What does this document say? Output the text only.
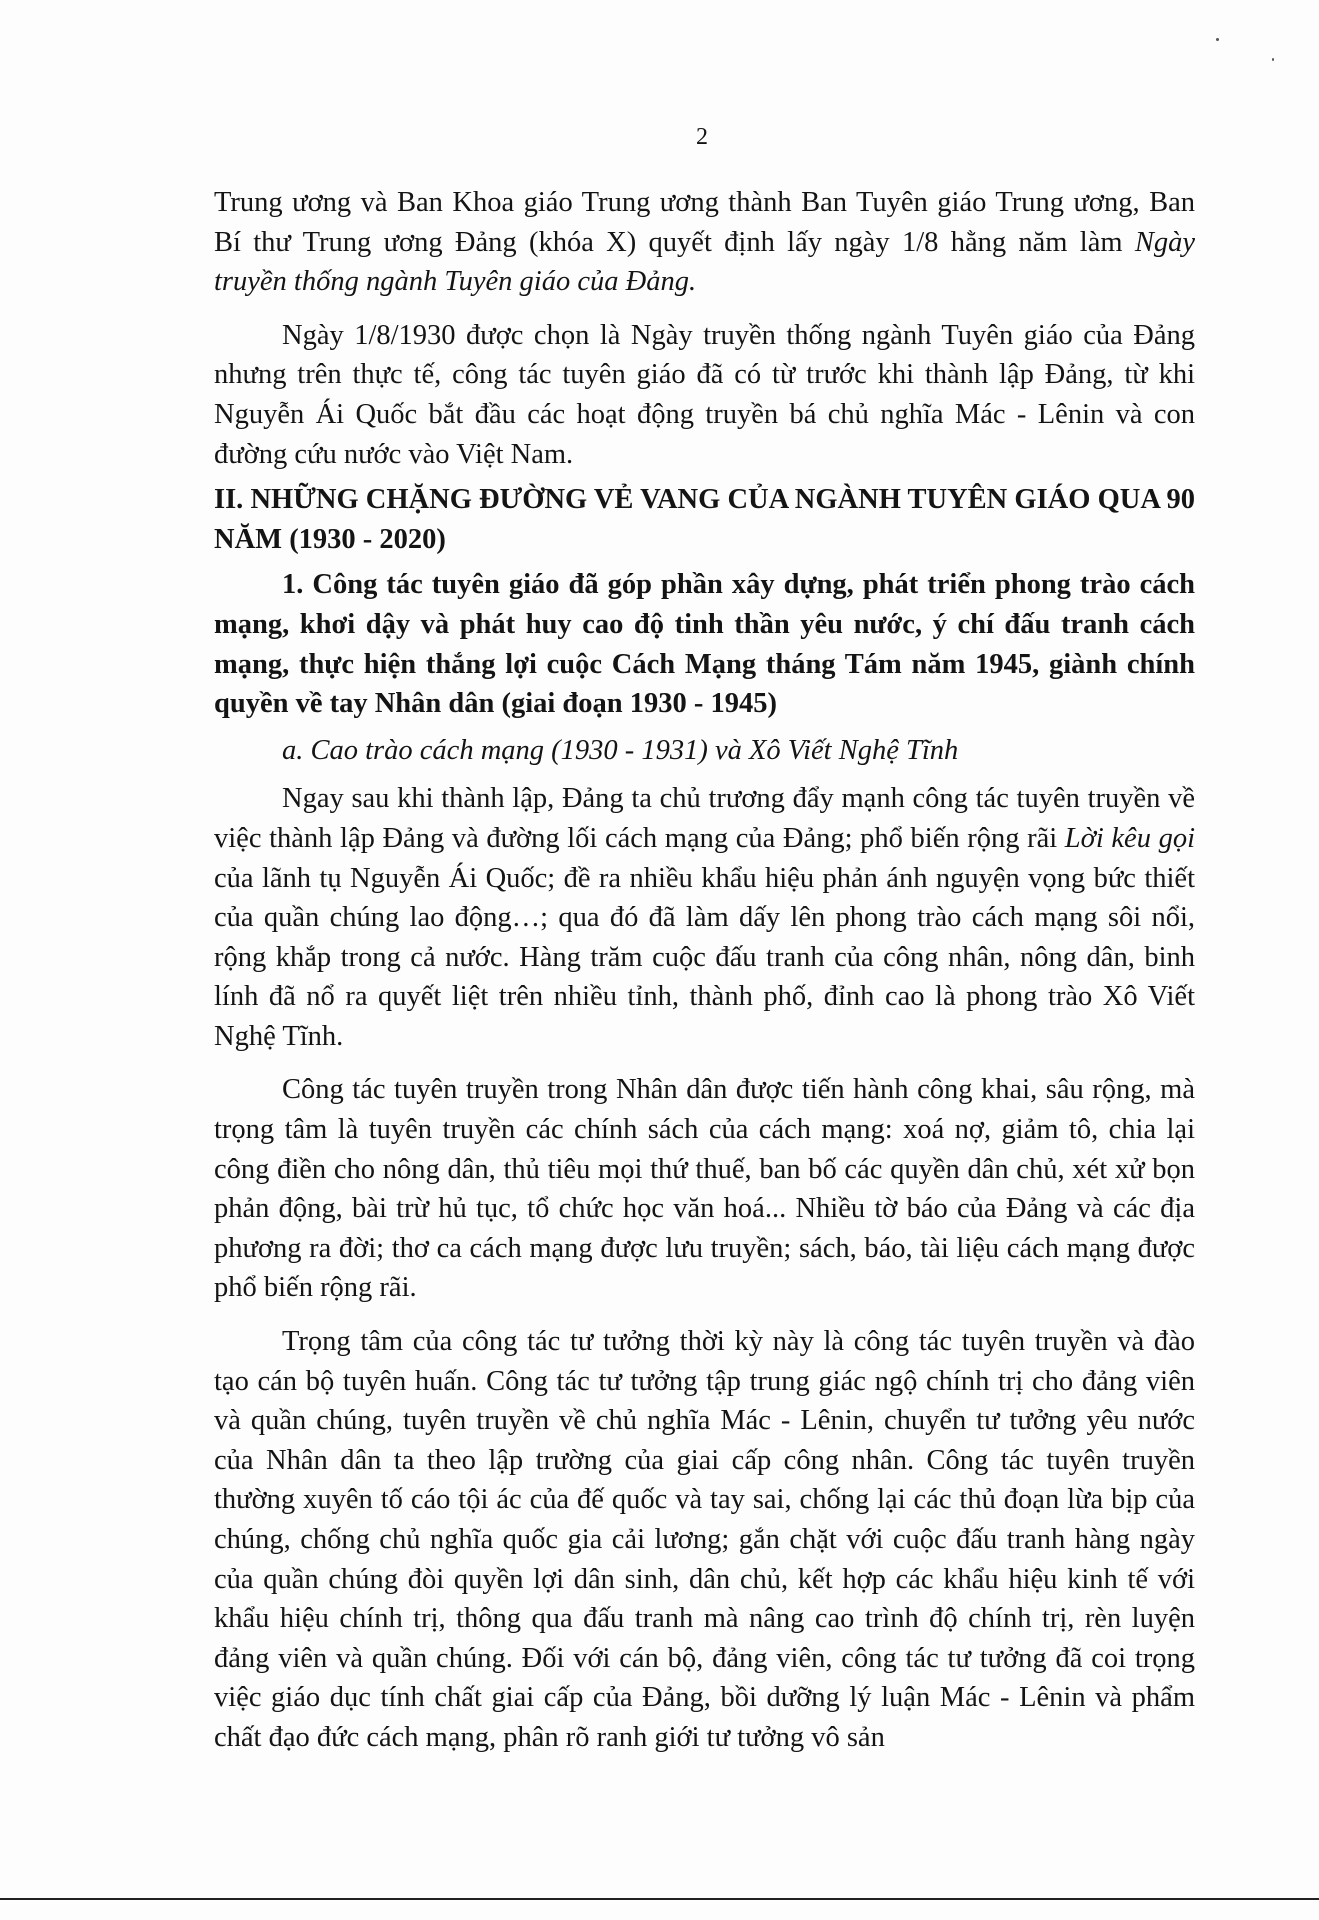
2

Trung ương và Ban Khoa giáo Trung ương thành Ban Tuyên giáo Trung ương, Ban Bí thư Trung ương Đảng (khóa X) quyết định lấy ngày 1/8 hằng năm làm Ngày truyền thống ngành Tuyên giáo của Đảng.

Ngày 1/8/1930 được chọn là Ngày truyền thống ngành Tuyên giáo của Đảng nhưng trên thực tế, công tác tuyên giáo đã có từ trước khi thành lập Đảng, từ khi Nguyễn Ái Quốc bắt đầu các hoạt động truyền bá chủ nghĩa Mác - Lênin và con đường cứu nước vào Việt Nam.

II. NHỮNG CHẶNG ĐƯỜNG VẺ VANG CỦA NGÀNH TUYÊN GIÁO QUA 90 NĂM (1930 - 2020)

1. Công tác tuyên giáo đã góp phần xây dựng, phát triển phong trào cách mạng, khơi dậy và phát huy cao độ tinh thần yêu nước, ý chí đấu tranh cách mạng, thực hiện thắng lợi cuộc Cách Mạng tháng Tám năm 1945, giành chính quyền về tay Nhân dân (giai đoạn 1930 - 1945)

a. Cao trào cách mạng (1930 - 1931) và Xô Viết Nghệ Tĩnh

Ngay sau khi thành lập, Đảng ta chủ trương đẩy mạnh công tác tuyên truyền về việc thành lập Đảng và đường lối cách mạng của Đảng; phổ biến rộng rãi Lời kêu gọi của lãnh tụ Nguyễn Ái Quốc; đề ra nhiều khẩu hiệu phản ánh nguyện vọng bức thiết của quần chúng lao động…; qua đó đã làm dấy lên phong trào cách mạng sôi nổi, rộng khắp trong cả nước. Hàng trăm cuộc đấu tranh của công nhân, nông dân, binh lính đã nổ ra quyết liệt trên nhiều tỉnh, thành phố, đỉnh cao là phong trào Xô Viết Nghệ Tĩnh.

Công tác tuyên truyền trong Nhân dân được tiến hành công khai, sâu rộng, mà trọng tâm là tuyên truyền các chính sách của cách mạng: xoá nợ, giảm tô, chia lại công điền cho nông dân, thủ tiêu mọi thứ thuế, ban bố các quyền dân chủ, xét xử bọn phản động, bài trừ hủ tục, tổ chức học văn hoá... Nhiều tờ báo của Đảng và các địa phương ra đời; thơ ca cách mạng được lưu truyền; sách, báo, tài liệu cách mạng được phổ biến rộng rãi.

Trọng tâm của công tác tư tưởng thời kỳ này là công tác tuyên truyền và đào tạo cán bộ tuyên huấn. Công tác tư tưởng tập trung giác ngộ chính trị cho đảng viên và quần chúng, tuyên truyền về chủ nghĩa Mác - Lênin, chuyển tư tưởng yêu nước của Nhân dân ta theo lập trường của giai cấp công nhân. Công tác tuyên truyền thường xuyên tố cáo tội ác của đế quốc và tay sai, chống lại các thủ đoạn lừa bịp của chúng, chống chủ nghĩa quốc gia cải lương; gắn chặt với cuộc đấu tranh hàng ngày của quần chúng đòi quyền lợi dân sinh, dân chủ, kết hợp các khẩu hiệu kinh tế với khẩu hiệu chính trị, thông qua đấu tranh mà nâng cao trình độ chính trị, rèn luyện đảng viên và quần chúng. Đối với cán bộ, đảng viên, công tác tư tưởng đã coi trọng việc giáo dục tính chất giai cấp của Đảng, bồi dưỡng lý luận Mác - Lênin và phẩm chất đạo đức cách mạng, phân rõ ranh giới tư tưởng vô sản
